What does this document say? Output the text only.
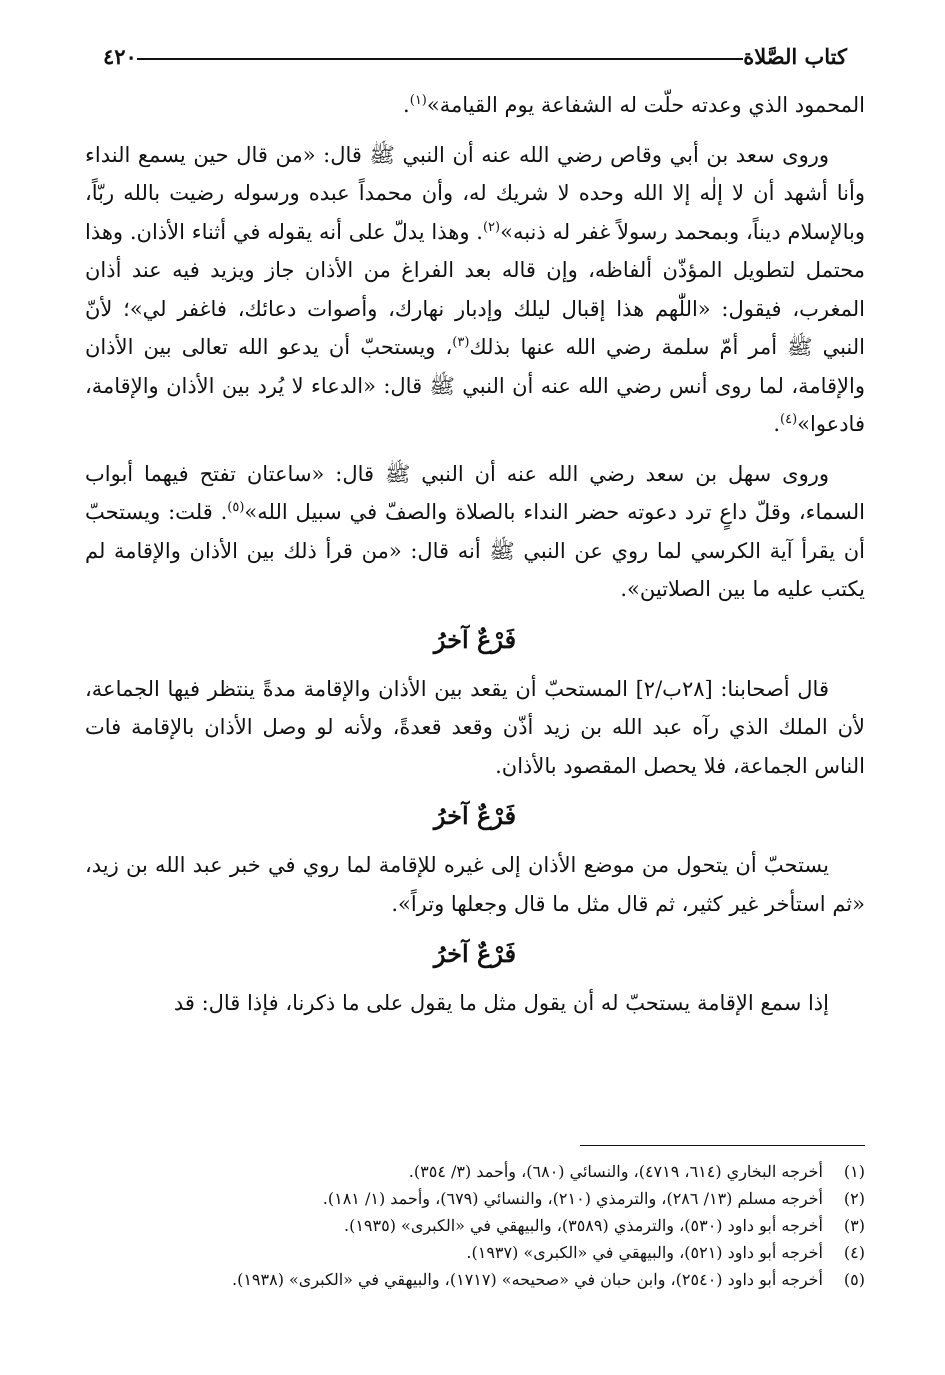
كتاب الصَّلاة
٤٢٠

المحمود الذي وعدته حلّت له الشفاعة يوم القيامة»$^{(١)}$.

وروى سعد بن أبي وقاص رضي الله عنه أن النبي ﷺ قال: «من قال حين يسمع النداء وأنا أشهد أن لا إلٰه إلا الله وحده لا شريك له، وأن محمداً عبده ورسوله رضيت بالله ربّاً، وبالإسلام ديناً، وبمحمد رسولاً غفر له ذنبه»$^{(٢)}$. وهذا يدلّ على أنه يقوله في أثناء الأذان. وهذا محتمل لتطويل المؤذّن ألفاظه، وإن قاله بعد الفراغ من الأذان جاز ويزيد فيه عند أذان المغرب، فيقول: «اللّٰهم هذا إقبال ليلك وإدبار نهارك، وأصوات دعائك، فاغفر لي»؛ لأنّ النبي ﷺ أمر أمّ سلمة رضي الله عنها بذلك$^{(٣)}$، ويستحبّ أن يدعو الله تعالى بين الأذان والإقامة، لما روى أنس رضي الله عنه أن النبي ﷺ قال: «الدعاء لا يُرد بين الأذان والإقامة، فادعوا»$^{(٤)}$.

وروى سهل بن سعد رضي الله عنه أن النبي ﷺ قال: «ساعتان تفتح فيهما أبواب السماء، وقلّ داعٍ ترد دعوته حضر النداء بالصلاة والصفّ في سبيل الله»$^{(٥)}$. قلت: ويستحبّ أن يقرأ آية الكرسي لما روي عن النبي ﷺ أنه قال: «من قرأ ذلك بين الأذان والإقامة لم يكتب عليه ما بين الصلاتين».

فَرْعٌ آخرُ

قال أصحابنا: [٢٨ب/٢] المستحبّ أن يقعد بين الأذان والإقامة مدةً ينتظر فيها الجماعة، لأن الملك الذي رآه عبد الله بن زيد أذّن وقعد قعدةً، ولأنه لو وصل الأذان بالإقامة فات الناس الجماعة، فلا يحصل المقصود بالأذان.

فَرْعٌ آخرُ

يستحبّ أن يتحول من موضع الأذان إلى غيره للإقامة لما روي في خبر عبد الله بن زيد، «ثم استأخر غير كثير، ثم قال مثل ما قال وجعلها وتراً».

فَرْعٌ آخرُ

إذا سمع الإقامة يستحبّ له أن يقول مثل ما يقول على ما ذكرنا، فإذا قال: قد

(١)
أخرجه البخاري (٦١٤، ٤٧١٩)، والنسائي (٦٨٠)، وأحمد (٣/ ٣٥٤).
(٢)
أخرجه مسلم (١٣/ ٢٨٦)، والترمذي (٢١٠)، والنسائي (٦٧٩)، وأحمد (١/ ١٨١).
(٣)
أخرجه أبو داود (٥٣٠)، والترمذي (٣٥٨٩)، والبيهقي في «الكبرى» (١٩٣٥).
(٤)
أخرجه أبو داود (٥٢١)، والبيهقي في «الكبرى» (١٩٣٧).
(٥)
أخرجه أبو داود (٢٥٤٠)، وابن حبان في «صحيحه» (١٧١٧)، والبيهقي في «الكبرى» (١٩٣٨).
